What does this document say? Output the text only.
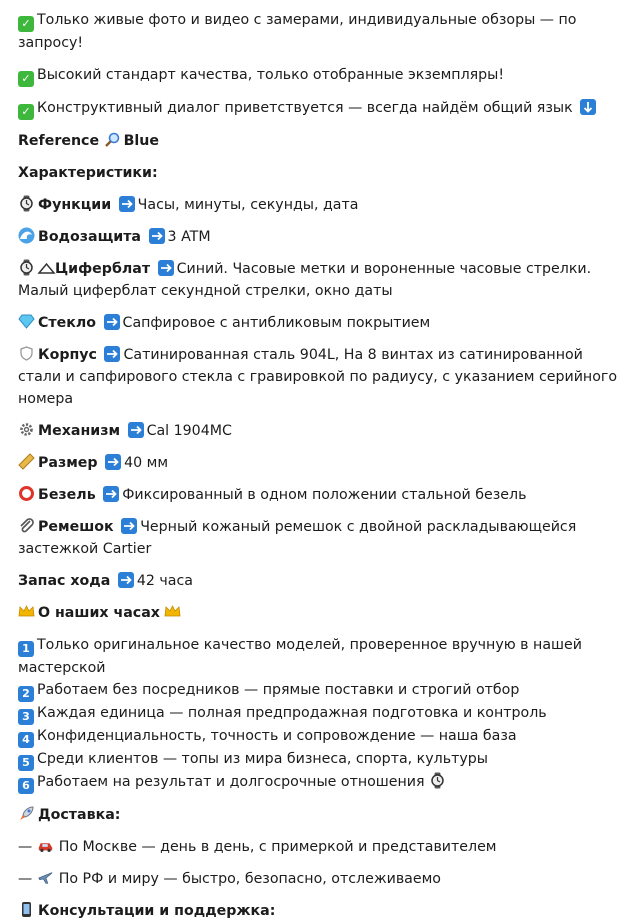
✓ Только живые фото и видео с замерами, индивидуальные обзоры — по запросу!
✓ Высокий стандарт качества, только отобранные экземпляры!
✓ Конструктивный диалог приветствуется — всегда найдём общий язык
Reference Blue
Характеристики:
Функции Часы, минуты, секунды, дата
Водозащита 3 ATM
Циферблат Синий. Часовые метки и вороненные часовые стрелки. Малый циферблат секундной стрелки, окно даты
Стекло Сапфировое с антибликовым покрытием
Корпус Сатинированная сталь 904L, На 8 винтах из сатинированной стали и сапфирового стекла с гравировкой по радиусу, с указанием серийного номера
Механизм Cal 1904MC
Размер 40 мм
Безель Фиксированный в одном положении стальной безель
Ремешок Черный кожаный ремешок с двойной раскладывающейся застежкой Cartier
Запас хода 42 часа
О наших часах
1 Только оригинальное качество моделей, проверенное вручную в нашей мастерской
2 Работаем без посредников — прямые поставки и строгий отбор
3 Каждая единица — полная предпродажная подготовка и контроль
4 Конфиденциальность, точность и сопровождение — наша база
5 Среди клиентов — топы из мира бизнеса, спорта, культуры
6 Работаем на результат и долгосрочные отношения
Доставка:
—
По Москве — день в день, с примеркой и представителем
—
По РФ и миру — быстро, безопасно, отслеживаемо
Консультации и поддержка:
